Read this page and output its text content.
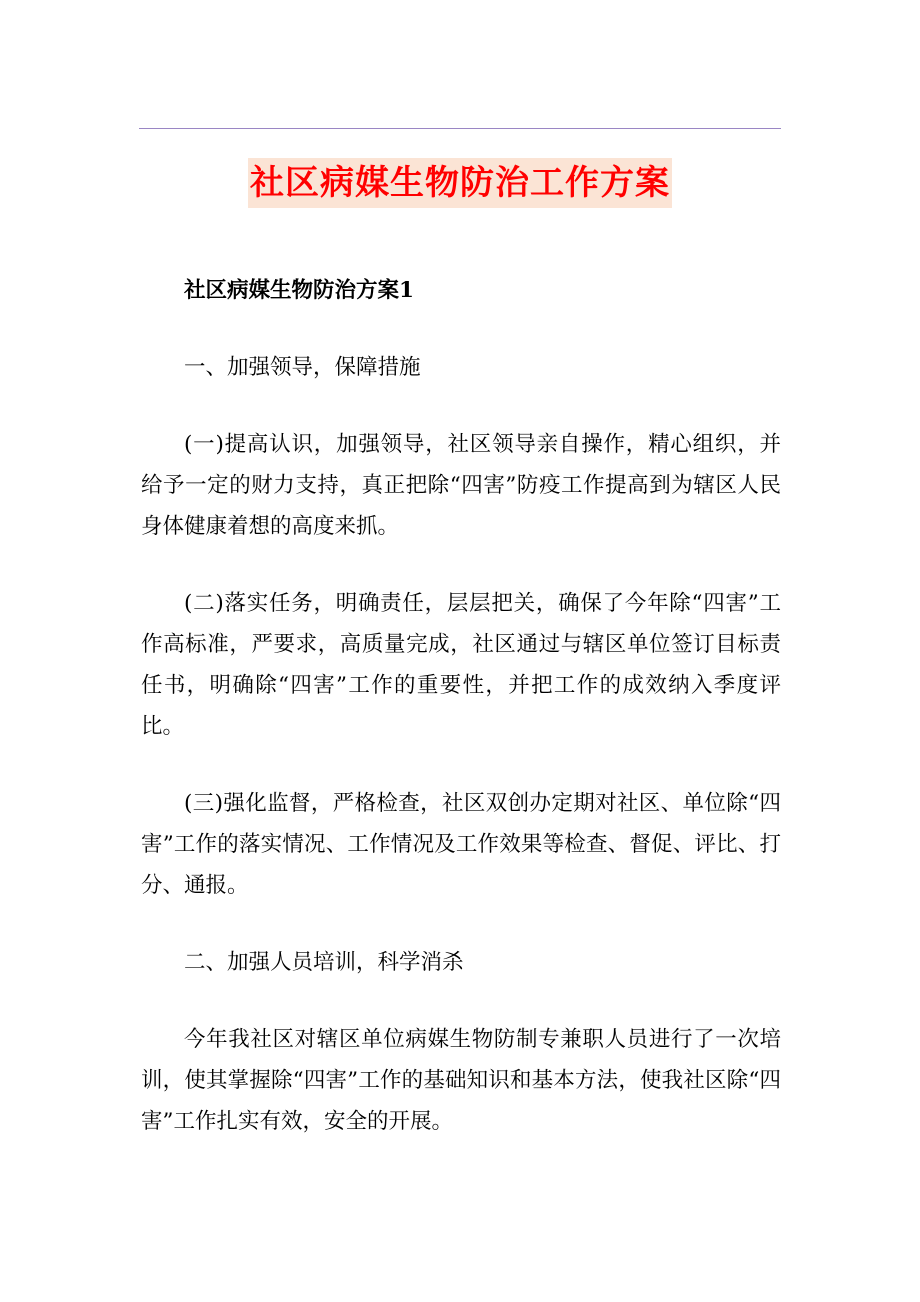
社区病媒生物防治工作方案

社区病媒生物防治方案1

一、加强领导，保障措施

(一)提高认识，加强领导，社区领导亲自操作，精心组织，并给予一定的财力支持，真正把除“四害”防疫工作提高到为辖区人民身体健康着想的高度来抓。

(二)落实任务，明确责任，层层把关，确保了今年除“四害”工作高标准，严要求，高质量完成，社区通过与辖区单位签订目标责任书，明确除“四害”工作的重要性，并把工作的成效纳入季度评比。

(三)强化监督，严格检查，社区双创办定期对社区、单位除“四害”工作的落实情况、工作情况及工作效果等检查、督促、评比、打分、通报。

二、加强人员培训，科学消杀

今年我社区对辖区单位病媒生物防制专兼职人员进行了一次培训，使其掌握除“四害”工作的基础知识和基本方法，使我社区除“四害”工作扎实有效，安全的开展。
